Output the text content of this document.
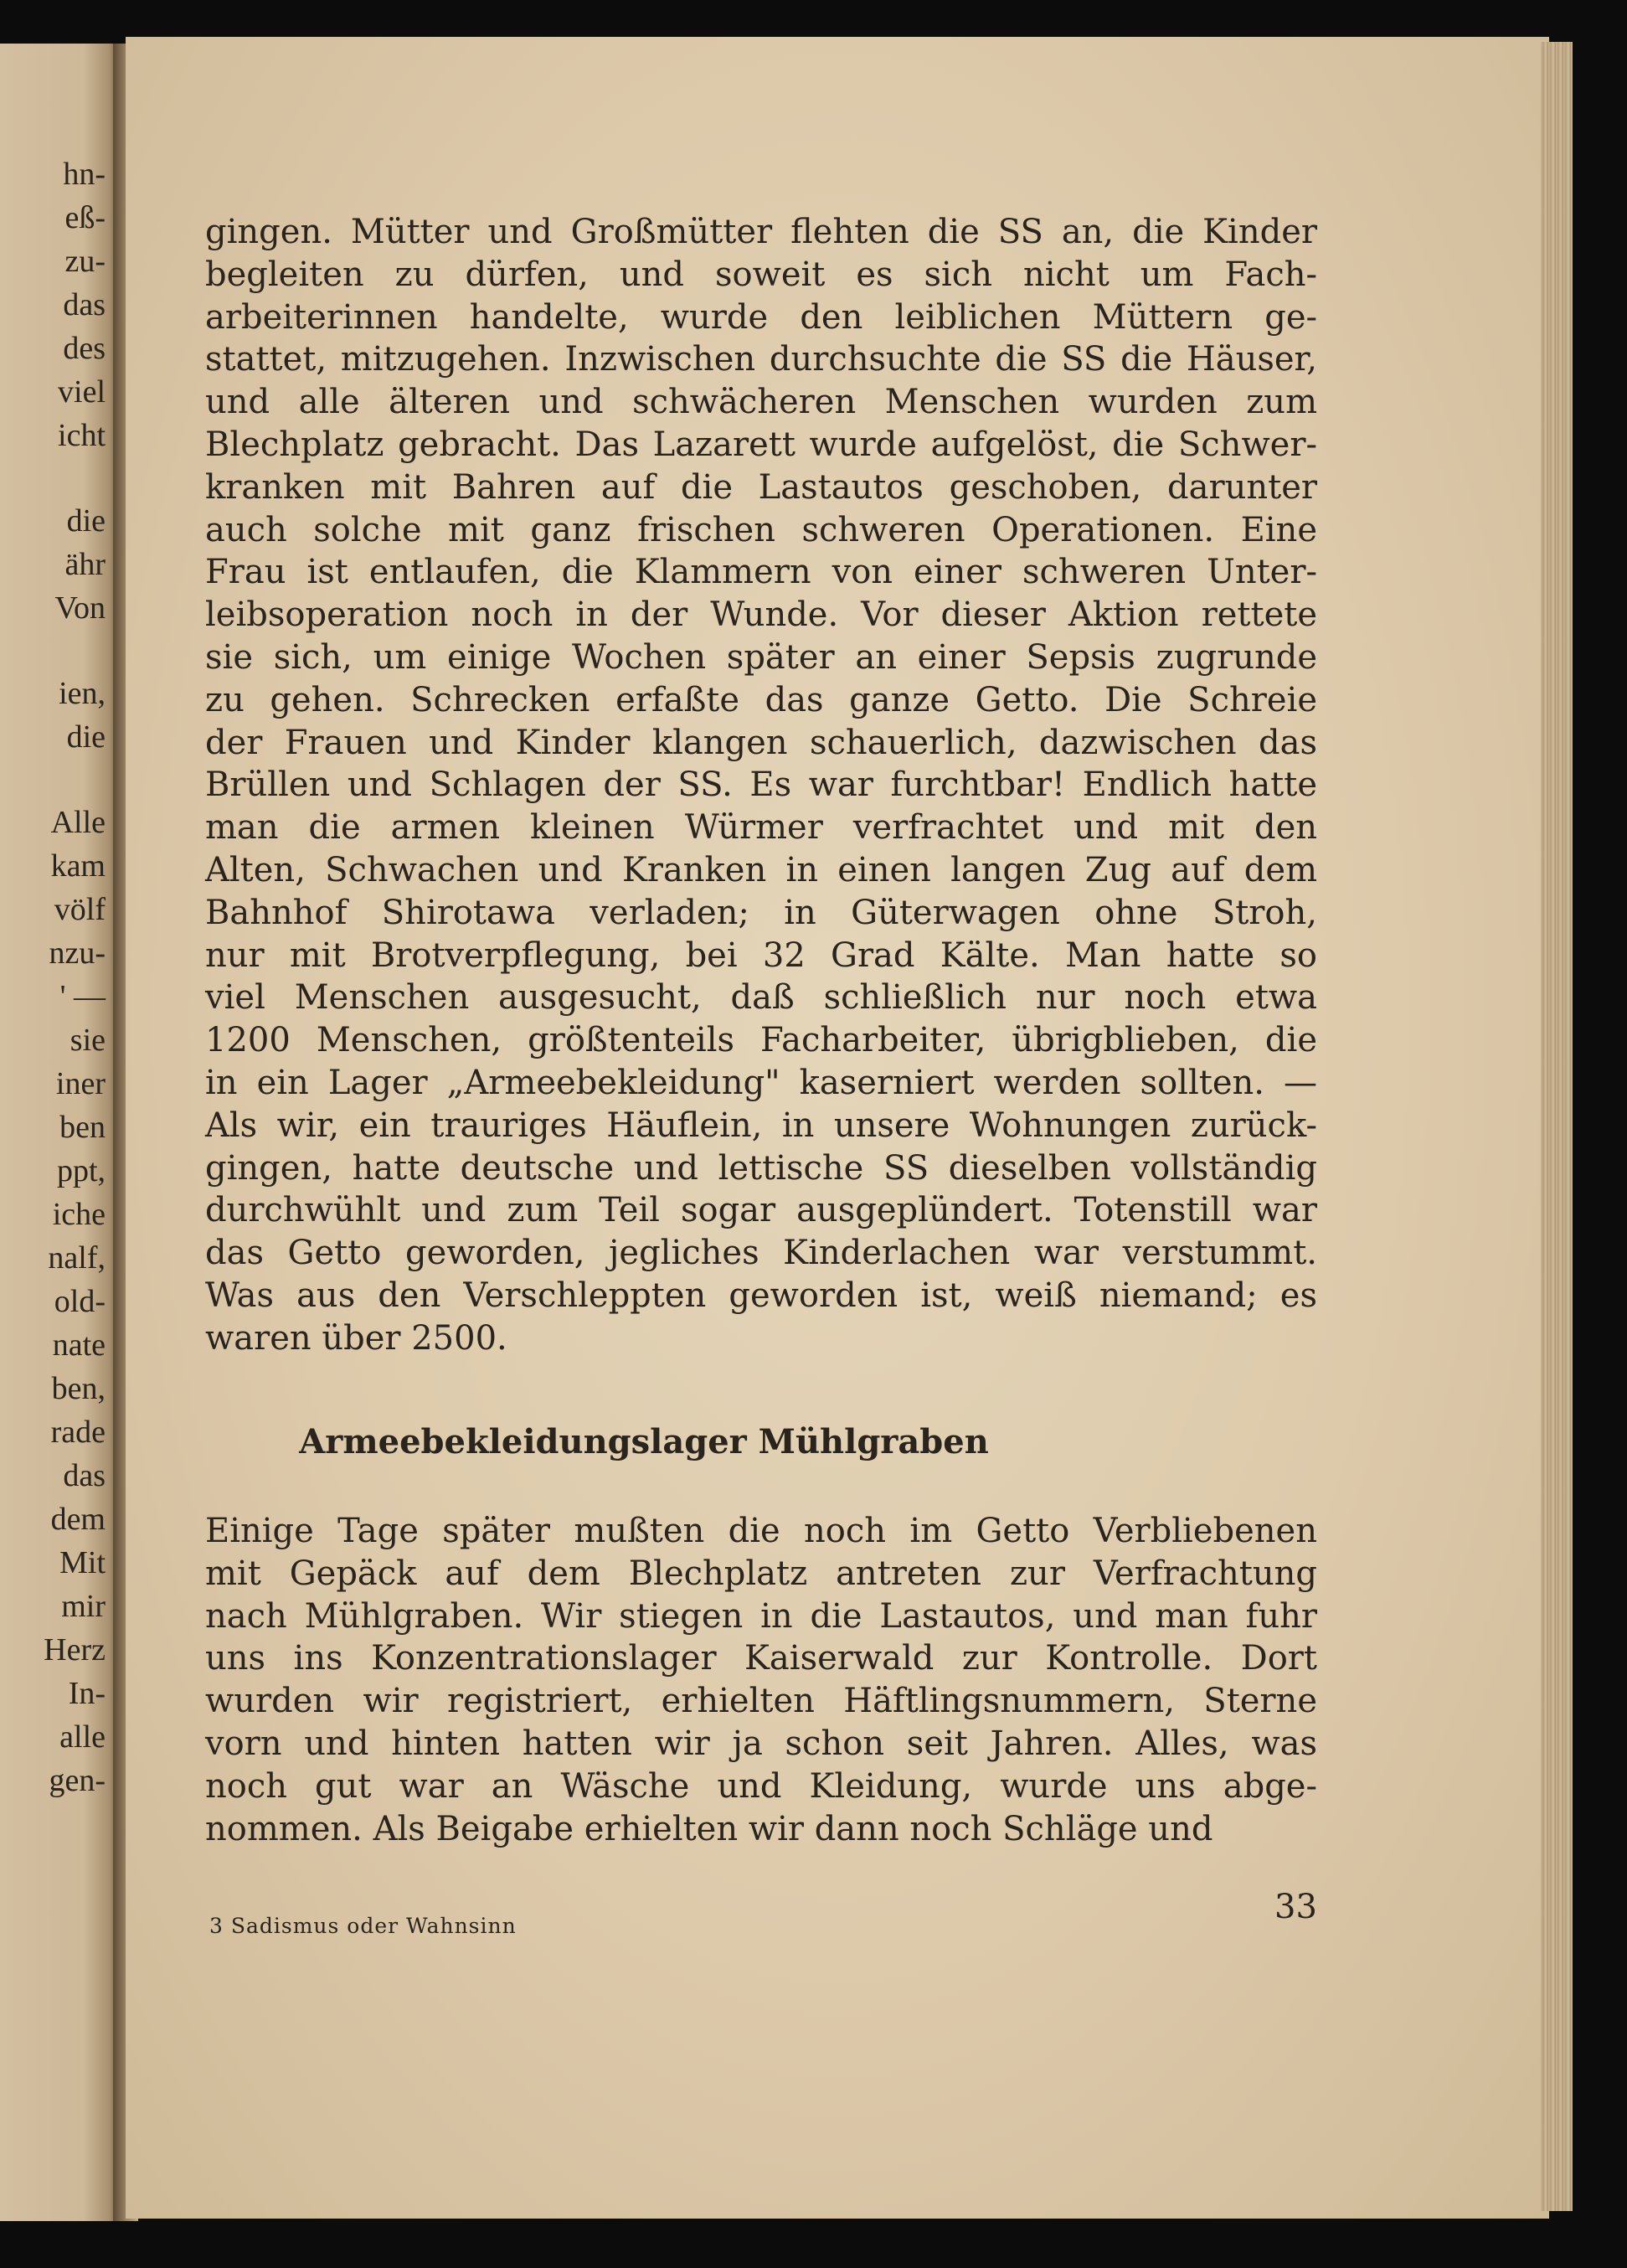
hn-
eß-
zu-
das
des
viel
icht
die
ähr
Von
ien,
die
Alle
kam
völf
nzu-
' —
sie
iner
ben
ppt,
iche
nalf,
old-
nate
ben,
rade
das
dem
Mit
mir
Herz
In-
alle
gen-
gingen. Mütter und Großmütter flehten die SS an, die Kinder
begleiten zu dürfen, und soweit es sich nicht um Fach-
arbeiterinnen handelte, wurde den leiblichen Müttern ge-
stattet, mitzugehen. Inzwischen durchsuchte die SS die Häuser,
und alle älteren und schwächeren Menschen wurden zum
Blechplatz gebracht. Das Lazarett wurde aufgelöst, die Schwer-
kranken mit Bahren auf die Lastautos geschoben, darunter
auch solche mit ganz frischen schweren Operationen. Eine
Frau ist entlaufen, die Klammern von einer schweren Unter-
leibsoperation noch in der Wunde. Vor dieser Aktion rettete
sie sich, um einige Wochen später an einer Sepsis zugrunde
zu gehen. Schrecken erfaßte das ganze Getto. Die Schreie
der Frauen und Kinder klangen schauerlich, dazwischen das
Brüllen und Schlagen der SS. Es war furchtbar! Endlich hatte
man die armen kleinen Würmer verfrachtet und mit den
Alten, Schwachen und Kranken in einen langen Zug auf dem
Bahnhof Shirotawa verladen; in Güterwagen ohne Stroh,
nur mit Brotverpflegung, bei 32 Grad Kälte. Man hatte so
viel Menschen ausgesucht, daß schließlich nur noch etwa
1200 Menschen, größtenteils Facharbeiter, übrigblieben, die
in ein Lager „Armeebekleidung" kaserniert werden sollten. —
Als wir, ein trauriges Häuflein, in unsere Wohnungen zurück-
gingen, hatte deutsche und lettische SS dieselben vollständig
durchwühlt und zum Teil sogar ausgeplündert. Totenstill war
das Getto geworden, jegliches Kinderlachen war verstummt.
Was aus den Verschleppten geworden ist, weiß niemand; es
waren über 2500.
Armeebekleidungslager Mühlgraben
Einige Tage später mußten die noch im Getto Verbliebenen
mit Gepäck auf dem Blechplatz antreten zur Verfrachtung
nach Mühlgraben. Wir stiegen in die Lastautos, und man fuhr
uns ins Konzentrationslager Kaiserwald zur Kontrolle. Dort
wurden wir registriert, erhielten Häftlingsnummern, Sterne
vorn und hinten hatten wir ja schon seit Jahren. Alles, was
noch gut war an Wäsche und Kleidung, wurde uns abge-
nommen. Als Beigabe erhielten wir dann noch Schläge und
3 Sadismus oder Wahnsinn	33
